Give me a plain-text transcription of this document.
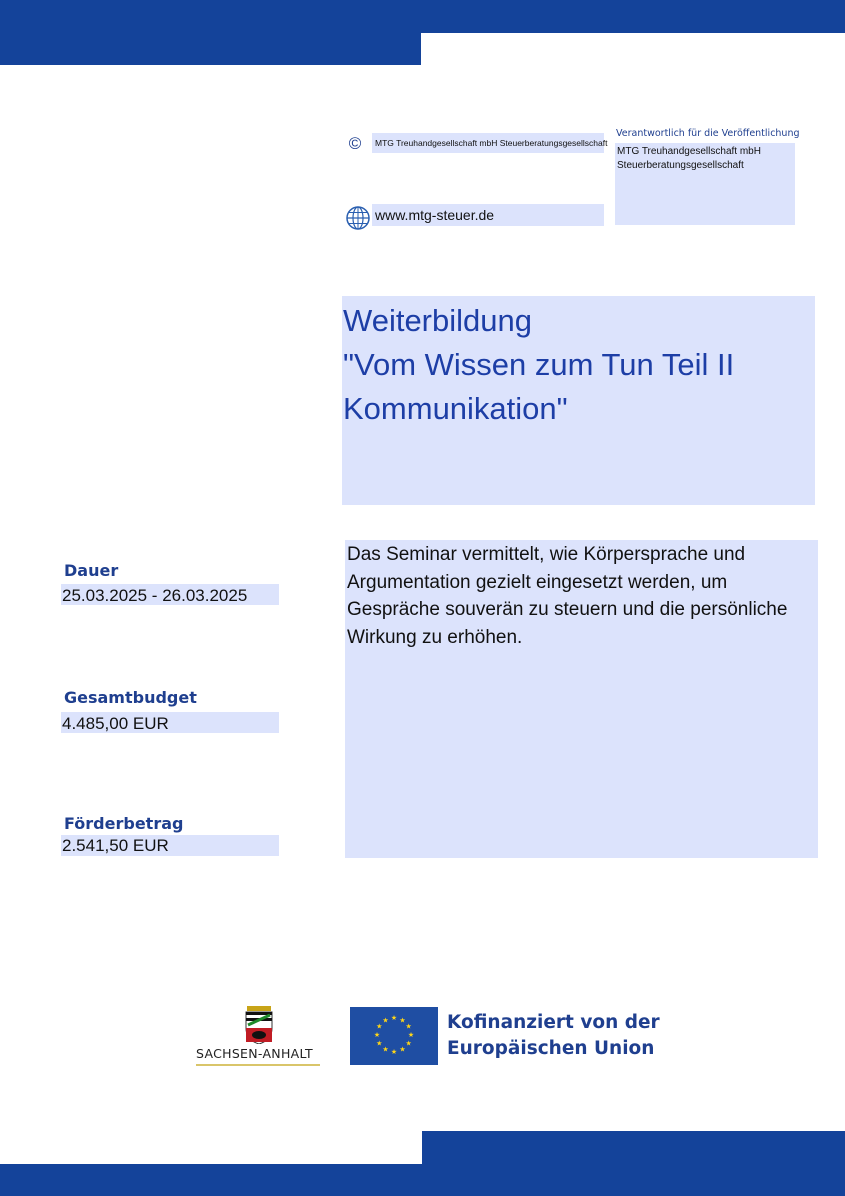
©	MTG Treuhandgesellschaft mbH Steuerberatungsgesellschaft
www.mtg-steuer.de
Verantwortlich für die Veröffentlichung
MTG Treuhandgesellschaft mbH Steuerberatungsgesellschaft
Weiterbildung
"Vom Wissen zum Tun Teil II
Kommunikation"
Dauer
25.03.2025 - 26.03.2025
Gesamtbudget
4.485,00 EUR
Förderbetrag
2.541,50 EUR
Das Seminar vermittelt, wie Körpersprache und Argumentation gezielt eingesetzt werden, um Gespräche souverän zu steuern und die persönliche Wirkung zu erhöhen.
SACHSEN-ANHALT
★ ★
★
★
★
★
★
★
★
★
★
★	Kofinanziert von der
Europäischen Union
